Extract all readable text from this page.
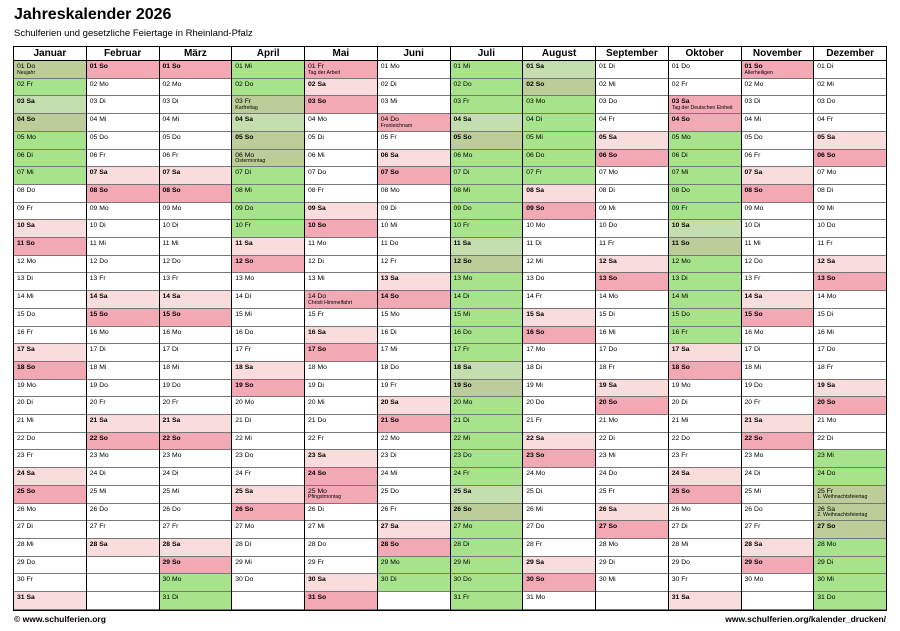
Jahreskalender 2026
Schulferien und gesetzliche Feiertage in Rheinland-Pfalz
Januar
01 Do
Neujahr
02 Fr
03 Sa
04 So
05 Mo
06 Di
07 Mi
08 Do
09 Fr
10 Sa
11 So
12 Mo
13 Di
14 Mi
15 Do
16 Fr
17 Sa
18 So
19 Mo
20 Di
21 Mi
22 Do
23 Fr
24 Sa
25 So
26 Mo
27 Di
28 Mi
29 Do
30 Fr
31 Sa
Februar
01 So
02 Mo
03 Di
04 Mi
05 Do
06 Fr
07 Sa
08 So
09 Mo
10 Di
11 Mi
12 Do
13 Fr
14 Sa
15 So
16 Mo
17 Di
18 Mi
19 Do
20 Fr
21 Sa
22 So
23 Mo
24 Di
25 Mi
26 Do
27 Fr
28 Sa
März
01 So
02 Mo
03 Di
04 Mi
05 Do
06 Fr
07 Sa
08 So
09 Mo
10 Di
11 Mi
12 Do
13 Fr
14 Sa
15 So
16 Mo
17 Di
18 Mi
19 Do
20 Fr
21 Sa
22 So
23 Mo
24 Di
25 Mi
26 Do
27 Fr
28 Sa
29 So
30 Mo
31 Di
April
01 Mi
02 Do
03 Fr
Karfreitag
04 Sa
05 So
06 Mo
Ostermontag
07 Di
08 Mi
09 Do
10 Fr
11 Sa
12 So
13 Mo
14 Di
15 Mi
16 Do
17 Fr
18 Sa
19 So
20 Mo
21 Di
22 Mi
23 Do
24 Fr
25 Sa
26 So
27 Mo
28 Di
29 Mi
30 Do
Mai
01 Fr
Tag der Arbeit
02 Sa
03 So
04 Mo
05 Di
06 Mi
07 Do
08 Fr
09 Sa
10 So
11 Mo
12 Di
13 Mi
14 Do
Christi Himmelfahrt
15 Fr
16 Sa
17 So
18 Mo
19 Di
20 Mi
21 Do
22 Fr
23 Sa
24 So
25 Mo
Pfingstmontag
26 Di
27 Mi
28 Do
29 Fr
30 Sa
31 So
Juni
01 Mo
02 Di
03 Mi
04 Do
Fronleichnam
05 Fr
06 Sa
07 So
08 Mo
09 Di
10 Mi
11 Do
12 Fr
13 Sa
14 So
15 Mo
16 Di
17 Mi
18 Do
19 Fr
20 Sa
21 So
22 Mo
23 Di
24 Mi
25 Do
26 Fr
27 Sa
28 So
29 Mo
30 Di
Juli
01 Mi
02 Do
03 Fr
04 Sa
05 So
06 Mo
07 Di
08 Mi
09 Do
10 Fr
11 Sa
12 So
13 Mo
14 Di
15 Mi
16 Do
17 Fr
18 Sa
19 So
20 Mo
21 Di
22 Mi
23 Do
24 Fr
25 Sa
26 So
27 Mo
28 Di
29 Mi
30 Do
31 Fr
August
01 Sa
02 So
03 Mo
04 Di
05 Mi
06 Do
07 Fr
08 Sa
09 So
10 Mo
11 Di
12 Mi
13 Do
14 Fr
15 Sa
16 So
17 Mo
18 Di
19 Mi
20 Do
21 Fr
22 Sa
23 So
24 Mo
25 Di
26 Mi
27 Do
28 Fr
29 Sa
30 So
31 Mo
September
01 Di
02 Mi
03 Do
04 Fr
05 Sa
06 So
07 Mo
08 Di
09 Mi
10 Do
11 Fr
12 Sa
13 So
14 Mo
15 Di
16 Mi
17 Do
18 Fr
19 Sa
20 So
21 Mo
22 Di
23 Mi
24 Do
25 Fr
26 Sa
27 So
28 Mo
29 Di
30 Mi
Oktober
01 Do
02 Fr
03 Sa
Tag der Deutschen Einheit
04 So
05 Mo
06 Di
07 Mi
08 Do
09 Fr
10 Sa
11 So
12 Mo
13 Di
14 Mi
15 Do
16 Fr
17 Sa
18 So
19 Mo
20 Di
21 Mi
22 Do
23 Fr
24 Sa
25 So
26 Mo
27 Di
28 Mi
29 Do
30 Fr
31 Sa
November
01 So
Allerheiligen
02 Mo
03 Di
04 Mi
05 Do
06 Fr
07 Sa
08 So
09 Mo
10 Di
11 Mi
12 Do
13 Fr
14 Sa
15 So
16 Mo
17 Di
18 Mi
19 Do
20 Fr
21 Sa
22 So
23 Mo
24 Di
25 Mi
26 Do
27 Fr
28 Sa
29 So
30 Mo
Dezember
01 Di
02 Mi
03 Do
04 Fr
05 Sa
06 So
07 Mo
08 Di
09 Mi
10 Do
11 Fr
12 Sa
13 So
14 Mo
15 Di
16 Mi
17 Do
18 Fr
19 Sa
20 So
21 Mo
22 Di
23 Mi
24 Do
25 Fr
1. Weihnachtsfeiertag
26 Sa
2. Weihnachtsfeiertag
27 So
28 Mo
29 Di
30 Mi
31 Do
© www.schulferien.org	www.schulferien.org/kalender_drucken/
